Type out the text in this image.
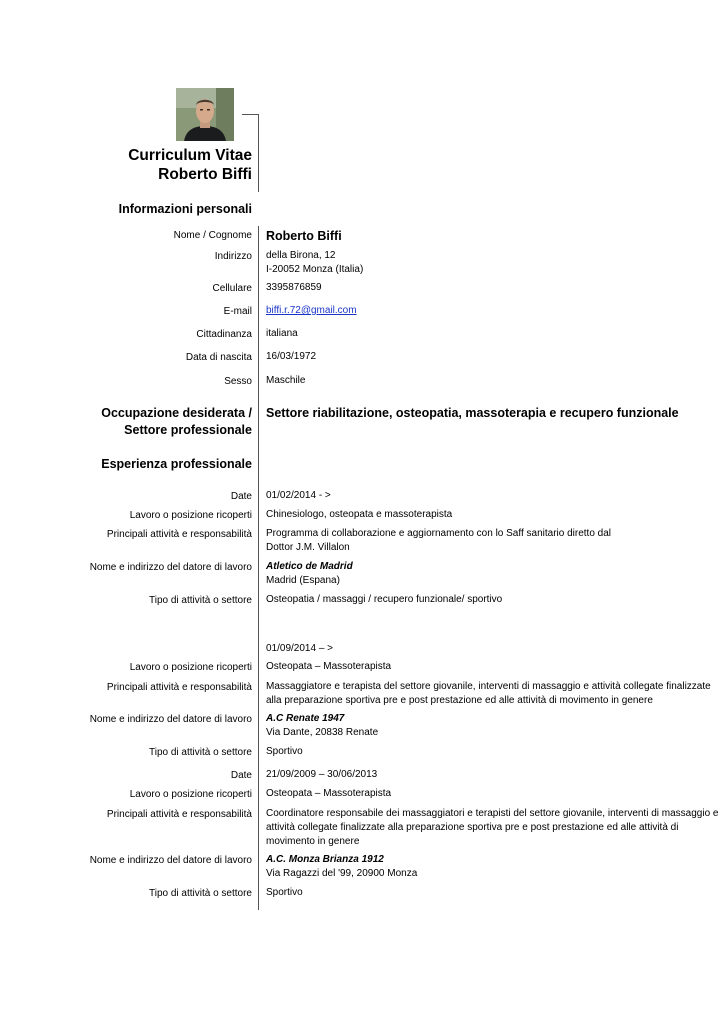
Curriculum Vitae
Roberto Biffi
Informazioni personali
Nome / Cognome Roberto Biffi
Indirizzo della Birona, 12
I-20052 Monza (Italia)
Cellulare 3395876859
E-mail biffi.r.72@gmail.com
Cittadinanza italiana
Data di nascita 16/03/1972
Sesso Maschile
Occupazione desiderata /
Settore professionale
Settore riabilitazione, osteopatia, massoterapia e recupero funzionale
Esperienza professionale
Date 01/02/2014 - >
Lavoro o posizione ricoperti Chinesiologo, osteopata e massoterapista
Principali attività e responsabilità Programma di collaborazione e aggiornamento con lo Saff sanitario diretto dal
Dottor J.M. Villalon
Nome e indirizzo del datore di lavoro Atletico de Madrid
Madrid (Espana)
Tipo di attività o settore Osteopatia / massaggi / recupero funzionale/ sportivo
01/09/2014 – >
Lavoro o posizione ricoperti Osteopata – Massoterapista
Principali attività e responsabilità Massaggiatore e terapista del settore giovanile, interventi di massaggio e attività collegate finalizzate
alla preparazione sportiva pre e post prestazione ed alle attività di movimento in genere
Nome e indirizzo del datore di lavoro A.C Renate 1947
Via Dante, 20838 Renate
Tipo di attività o settore Sportivo
Date 21/09/2009 – 30/06/2013
Lavoro o posizione ricoperti Osteopata – Massoterapista
Principali attività e responsabilità Coordinatore responsabile dei massaggiatori e terapisti del settore giovanile, interventi di massaggio e
attività collegate finalizzate alla preparazione sportiva pre e post prestazione ed alle attività di
movimento in genere
Nome e indirizzo del datore di lavoro A.C. Monza Brianza 1912
Via Ragazzi del '99, 20900 Monza
Tipo di attività o settore Sportivo
